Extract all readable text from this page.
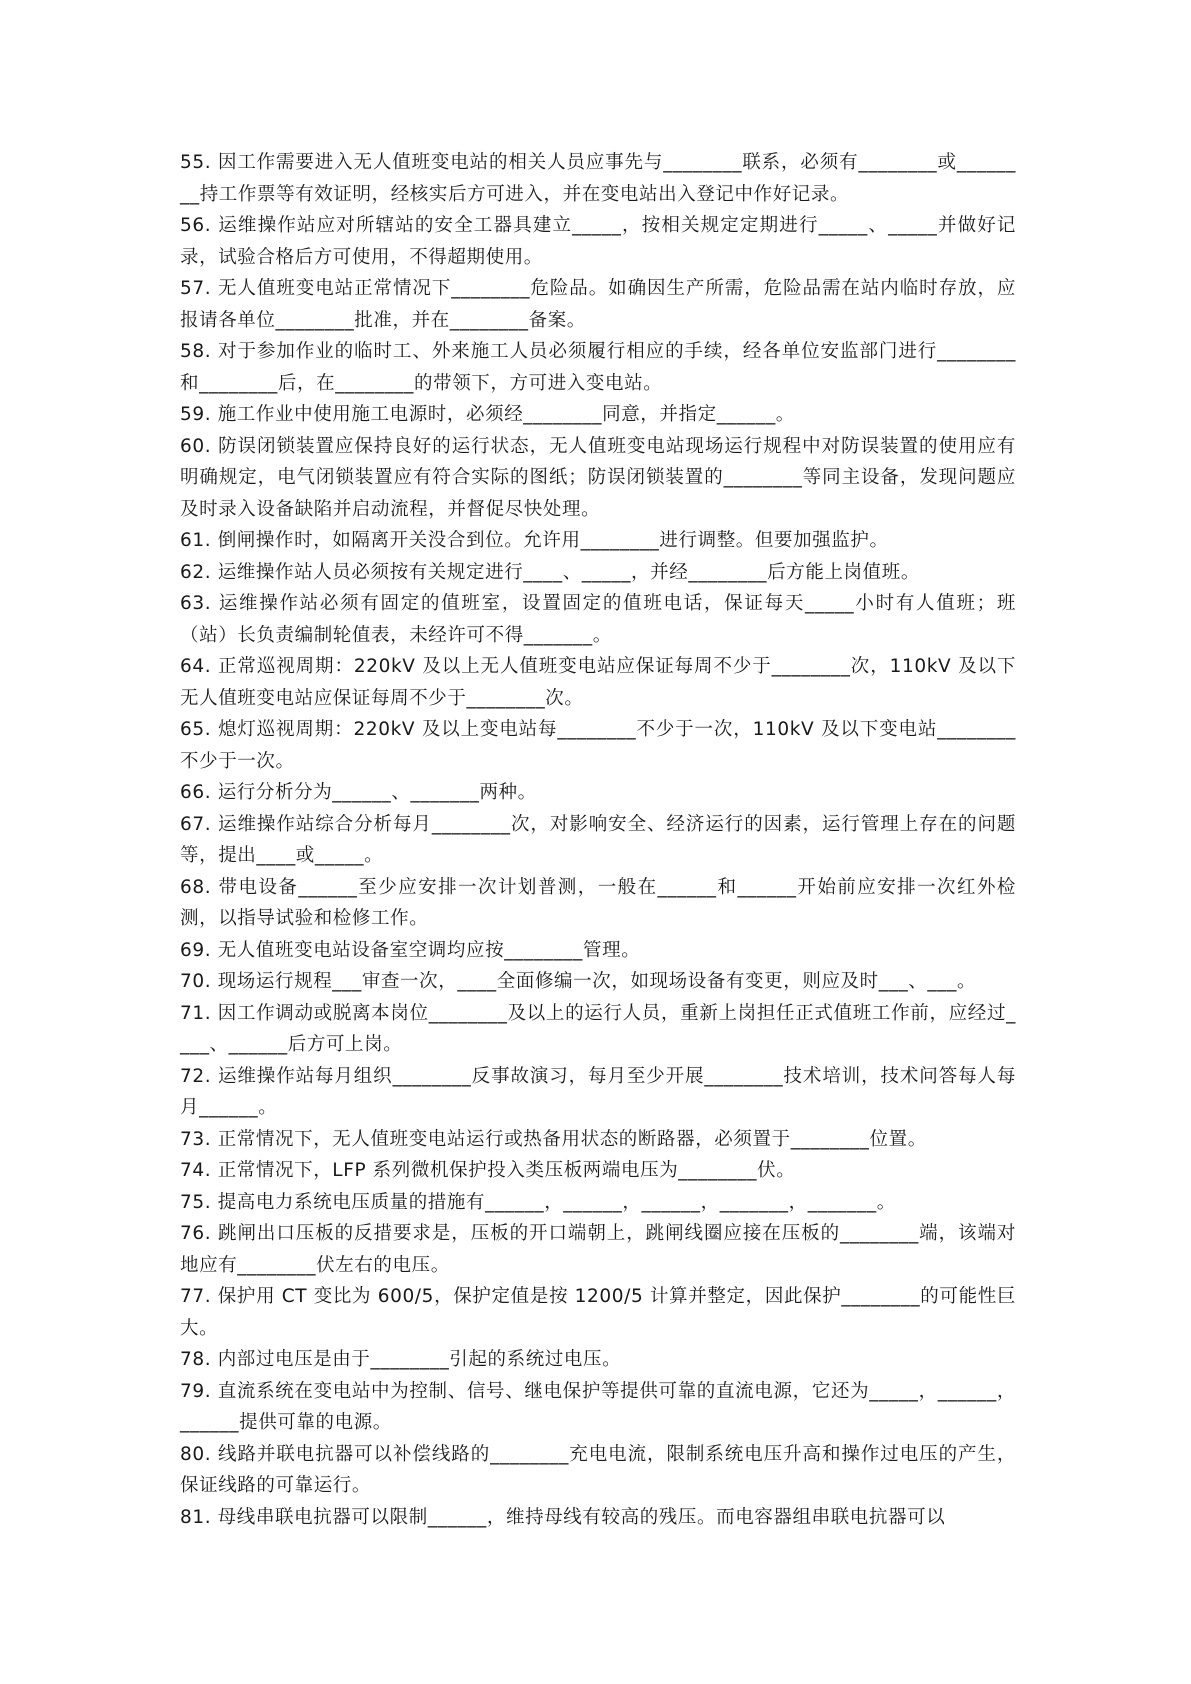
55. 因工作需要进入无人值班变电站的相关人员应事先与________联系，必须有________或________持工作票等有效证明，经核实后方可进入，并在变电站出入登记中作好记录。

56. 运维操作站应对所辖站的安全工器具建立_____，按相关规定定期进行_____、_____并做好记录，试验合格后方可使用，不得超期使用。

57. 无人值班变电站正常情况下________危险品。如确因生产所需，危险品需在站内临时存放，应报请各单位________批准，并在________备案。

58. 对于参加作业的临时工、外来施工人员必须履行相应的手续，经各单位安监部门进行________和________后，在________的带领下，方可进入变电站。

59. 施工作业中使用施工电源时，必须经________同意，并指定______。

60. 防误闭锁装置应保持良好的运行状态，无人值班变电站现场运行规程中对防误装置的使用应有明确规定，电气闭锁装置应有符合实际的图纸；防误闭锁装置的________等同主设备，发现问题应及时录入设备缺陷并启动流程，并督促尽快处理。

61. 倒闸操作时，如隔离开关没合到位。允许用________进行调整。但要加强监护。

62. 运维操作站人员必须按有关规定进行____、_____，并经________后方能上岗值班。

63. 运维操作站必须有固定的值班室，设置固定的值班电话，保证每天_____小时有人值班；班（站）长负责编制轮值表，未经许可不得_______。

64. 正常巡视周期：220kV 及以上无人值班变电站应保证每周不少于________次，110kV 及以下无人值班变电站应保证每周不少于________次。

65. 熄灯巡视周期：220kV 及以上变电站每________不少于一次，110kV 及以下变电站________不少于一次。

66. 运行分析分为______、_______两种。

67. 运维操作站综合分析每月________次，对影响安全、经济运行的因素，运行管理上存在的问题等，提出____或_____。

68. 带电设备______至少应安排一次计划普测，一般在______和______开始前应安排一次红外检测，以指导试验和检修工作。

69. 无人值班变电站设备室空调均应按________管理。

70. 现场运行规程___审查一次，____全面修编一次，如现场设备有变更，则应及时___、___。

71. 因工作调动或脱离本岗位________及以上的运行人员，重新上岗担任正式值班工作前，应经过____、______后方可上岗。

72. 运维操作站每月组织________反事故演习，每月至少开展________技术培训，技术问答每人每月______。

73. 正常情况下，无人值班变电站运行或热备用状态的断路器，必须置于________位置。

74. 正常情况下，LFP 系列微机保护投入类压板两端电压为________伏。

75. 提高电力系统电压质量的措施有______，______，______，_______，_______。

76. 跳闸出口压板的反措要求是，压板的开口端朝上，跳闸线圈应接在压板的________端，该端对地应有________伏左右的电压。

77. 保护用 CT 变比为 600/5，保护定值是按 1200/5 计算并整定，因此保护________的可能性巨大。

78. 内部过电压是由于________引起的系统过电压。

79. 直流系统在变电站中为控制、信号、继电保护等提供可靠的直流电源，它还为_____，______，______提供可靠的电源。

80. 线路并联电抗器可以补偿线路的________充电电流，限制系统电压升高和操作过电压的产生，保证线路的可靠运行。

81. 母线串联电抗器可以限制______，维持母线有较高的残压。而电容器组串联电抗器可以
